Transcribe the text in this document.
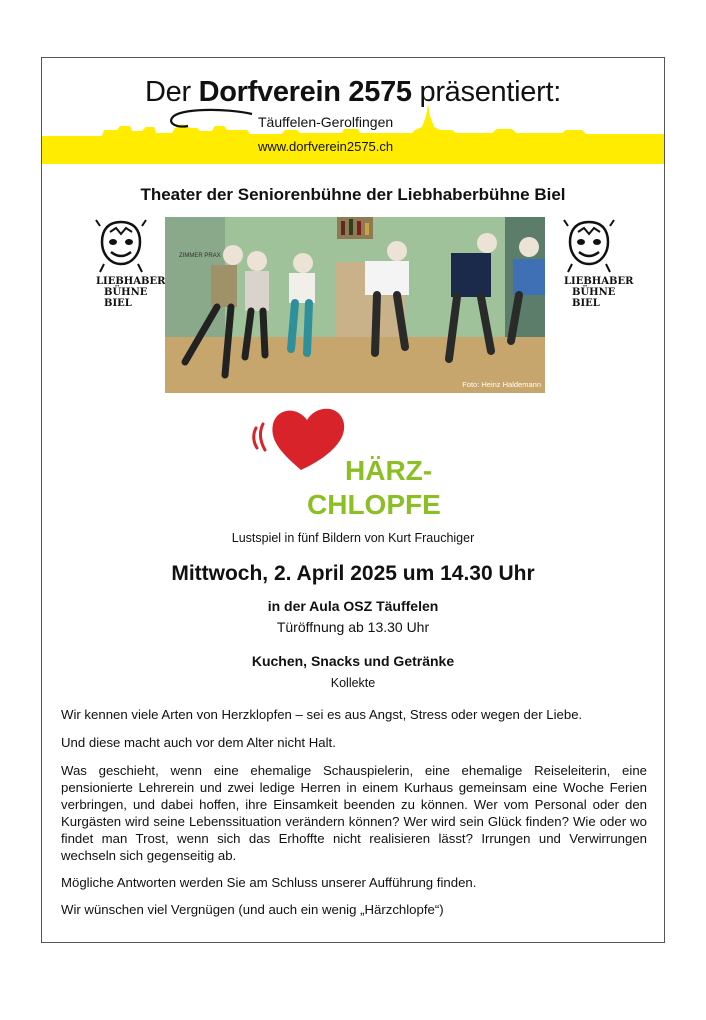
Der Dorfverein 2575 präsentiert:
Täuffelen-Gerolfingen
www.dorfverein2575.ch
Theater der Seniorenbühne der Liebhaberbühne Biel
LIEBHABER
BÜHNE
BIEL
ZIMMER PRAX
Foto: Heinz Haldemann
LIEBHABER
BÜHNE
BIEL
HÄRZ-
CHLOPFE
Lustspiel in fünf Bildern von Kurt Frauchiger
Mittwoch, 2. April 2025 um 14.30 Uhr
in der Aula OSZ Täuffelen
Türöffnung ab 13.30 Uhr
Kuchen, Snacks und Getränke
Kollekte
Wir kennen viele Arten von Herzklopfen – sei es aus Angst, Stress oder wegen der Liebe.
Und diese macht auch vor dem Alter nicht Halt.
Was geschieht, wenn eine ehemalige Schauspielerin, eine ehemalige Reiseleiterin, eine pensionierte Lehrerein und zwei ledige Herren in einem Kurhaus gemeinsam eine Woche Ferien verbringen, und dabei hoffen, ihre Einsamkeit beenden zu können. Wer vom Personal oder den Kurgästen wird seine Lebenssituation verändern können? Wer wird sein Glück finden? Wie oder wo findet man Trost, wenn sich das Erhoffte nicht realisieren lässt? Irrungen und Verwirrungen wechseln sich gegenseitig ab.
Mögliche Antworten werden Sie am Schluss unserer Aufführung finden.
Wir wünschen viel Vergnügen (und auch ein wenig „Härzchlopfe“)
